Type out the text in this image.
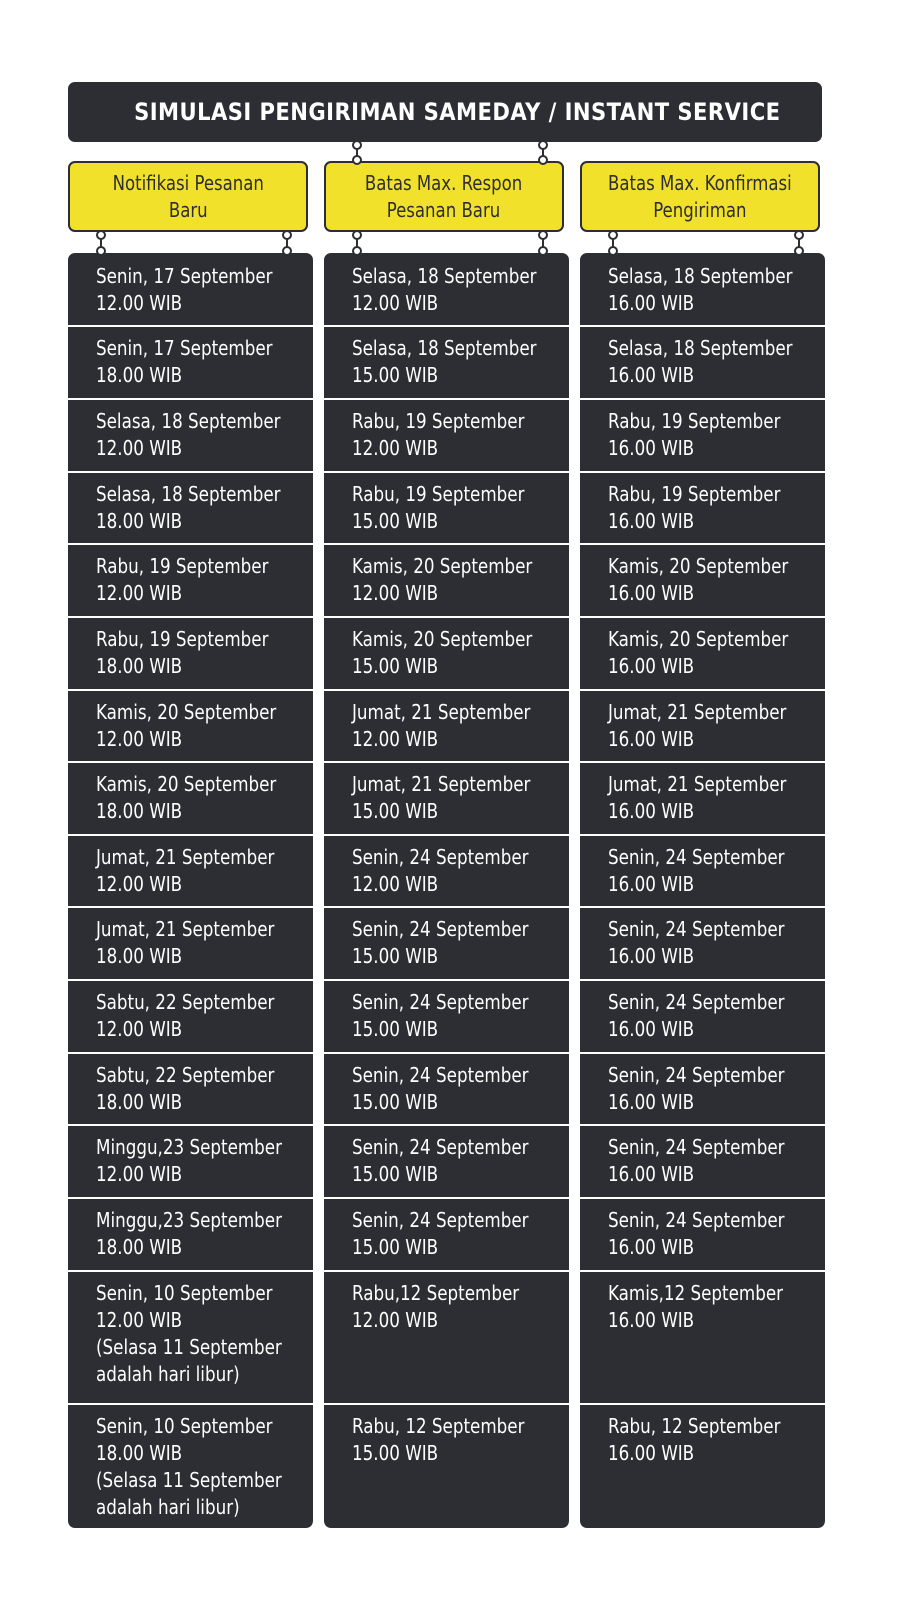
SIMULASI PENGIRIMAN SAMEDAY / INSTANT SERVICE
Notifikasi Pesanan
Baru
Batas Max. Respon
Pesanan Baru
Batas Max. Konfirmasi
Pengiriman
Senin, 17 September
12.00 WIB
Senin, 17 September
18.00 WIB
Selasa, 18 September
12.00 WIB
Selasa, 18 September
18.00 WIB
Rabu, 19 September
12.00 WIB
Rabu, 19 September
18.00 WIB
Kamis, 20 September
12.00 WIB
Kamis, 20 September
18.00 WIB
Jumat, 21 September
12.00 WIB
Jumat, 21 September
18.00 WIB
Sabtu, 22 September
12.00 WIB
Sabtu, 22 September
18.00 WIB
Minggu,23 September
12.00 WIB
Minggu,23 September
18.00 WIB
Senin, 10 September
12.00 WIB
(Selasa 11 September
adalah hari libur)
Senin, 10 September
18.00 WIB
(Selasa 11 September
adalah hari libur)
Selasa, 18 September
12.00 WIB
Selasa, 18 September
15.00 WIB
Rabu, 19 September
12.00 WIB
Rabu, 19 September
15.00 WIB
Kamis, 20 September
12.00 WIB
Kamis, 20 September
15.00 WIB
Jumat, 21 September
12.00 WIB
Jumat, 21 September
15.00 WIB
Senin, 24 September
12.00 WIB
Senin, 24 September
15.00 WIB
Senin, 24 September
15.00 WIB
Senin, 24 September
15.00 WIB
Senin, 24 September
15.00 WIB
Senin, 24 September
15.00 WIB
Rabu,12 September
12.00 WIB
Rabu, 12 September
15.00 WIB
Selasa, 18 September
16.00 WIB
Selasa, 18 September
16.00 WIB
Rabu, 19 September
16.00 WIB
Rabu, 19 September
16.00 WIB
Kamis, 20 September
16.00 WIB
Kamis, 20 September
16.00 WIB
Jumat, 21 September
16.00 WIB
Jumat, 21 September
16.00 WIB
Senin, 24 September
16.00 WIB
Senin, 24 September
16.00 WIB
Senin, 24 September
16.00 WIB
Senin, 24 September
16.00 WIB
Senin, 24 September
16.00 WIB
Senin, 24 September
16.00 WIB
Kamis,12 September
16.00 WIB
Rabu, 12 September
16.00 WIB
